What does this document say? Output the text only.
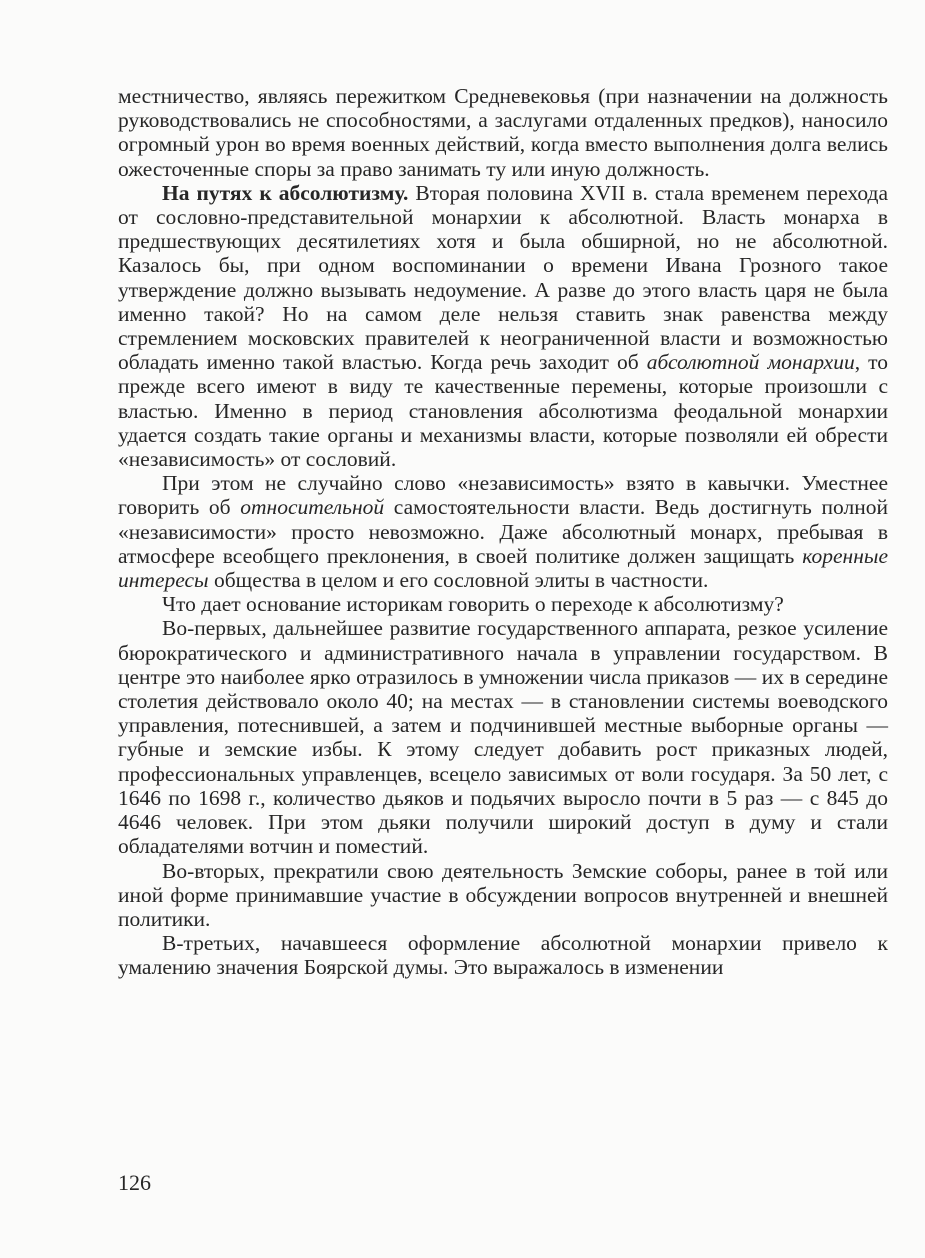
местничество, являясь пережитком Средневековья (при назначении на должность руководствовались не способностями, а заслугами отдаленных предков), наносило огромный урон во время военных действий, когда вместо выполнения долга велись ожесточенные споры за право занимать ту или иную должность.

На путях к абсолютизму. Вторая половина XVII в. стала временем перехода от сословно-представительной монархии к абсолютной. Власть монарха в предшествующих десятилетиях хотя и была обширной, но не абсолютной. Казалось бы, при одном воспоминании о времени Ивана Грозного такое утверждение должно вызывать недоумение. А разве до этого власть царя не была именно такой? Но на самом деле нельзя ставить знак равенства между стремлением московских правителей к неограниченной власти и возможностью обладать именно такой властью. Когда речь заходит об абсолютной монархии, то прежде всего имеют в виду те качественные перемены, которые произошли с властью. Именно в период становления абсолютизма феодальной монархии удается создать такие органы и механизмы власти, которые позволяли ей обрести «независимость» от сословий.

При этом не случайно слово «независимость» взято в кавычки. Уместнее говорить об относительной самостоятельности власти. Ведь достигнуть полной «независимости» просто невозможно. Даже абсолютный монарх, пребывая в атмосфере всеобщего преклонения, в своей политике должен защищать коренные интересы общества в целом и его сословной элиты в частности.

Что дает основание историкам говорить о переходе к абсолютизму?

Во-первых, дальнейшее развитие государственного аппарата, резкое усиление бюрократического и административного начала в управлении государством. В центре это наиболее ярко отразилось в умножении числа приказов — их в середине столетия действовало около 40; на местах — в становлении системы воеводского управления, потеснившей, а затем и подчинившей местные выборные органы — губные и земские избы. К этому следует добавить рост приказных людей, профессиональных управленцев, всецело зависимых от воли государя. За 50 лет, с 1646 по 1698 г., количество дьяков и подьячих выросло почти в 5 раз — с 845 до 4646 человек. При этом дьяки получили широкий доступ в думу и стали обладателями вотчин и поместий.

Во-вторых, прекратили свою деятельность Земские соборы, ранее в той или иной форме принимавшие участие в обсуждении вопросов внутренней и внешней политики.

В-третьих, начавшееся оформление абсолютной монархии привело к умалению значения Боярской думы. Это выражалось в изменении

126
